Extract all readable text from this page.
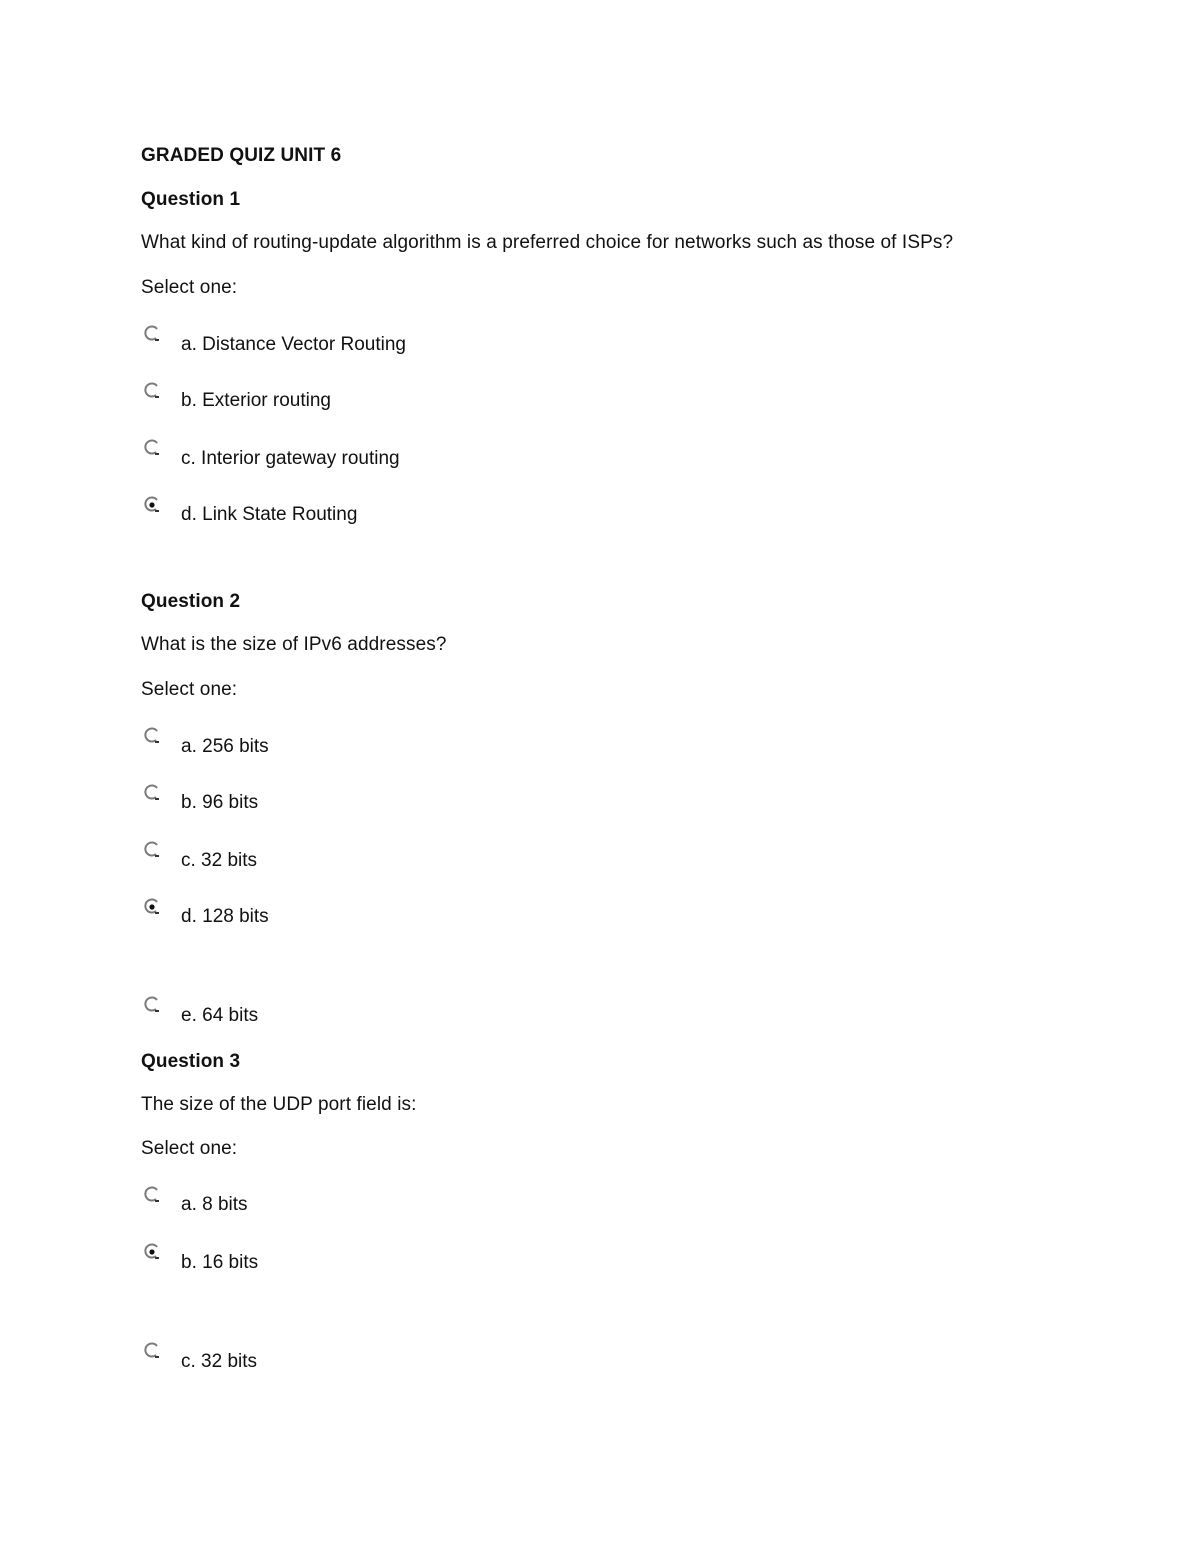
GRADED QUIZ UNIT 6
Question 1
What kind of routing-update algorithm is a preferred choice for networks such as those of ISPs?
Select one:
a. Distance Vector Routing
b. Exterior routing
c. Interior gateway routing
d. Link State Routing
Question 2
What is the size of IPv6 addresses?
Select one:
a. 256 bits
b. 96 bits
c. 32 bits
d. 128 bits
e. 64 bits
Question 3
The size of the UDP port field is:
Select one:
a. 8 bits
b. 16 bits
c. 32 bits
